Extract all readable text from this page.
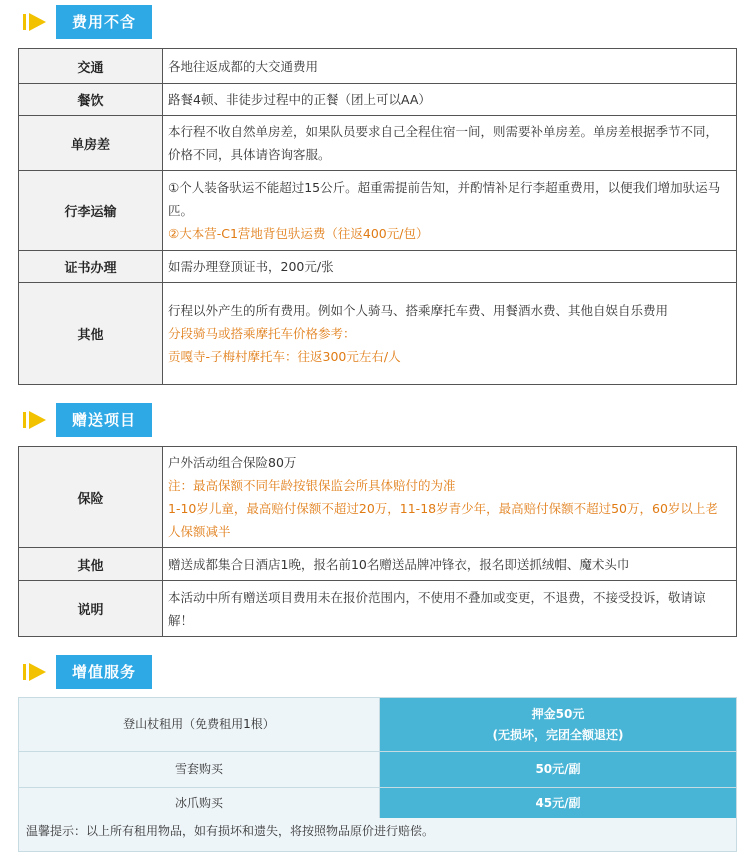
费用不含
交通	各地往返成都的大交通费用

餐饮	路餐4顿、非徒步过程中的正餐（团上可以AA）

单房差	本行程不收自然单房差，如果队员要求自己全程住宿一间，则需要补单房差。单房差根据季节不同，价格不同，具体请咨询客服。

行李运输	①个人装备驮运不能超过15公斤。超重需提前告知，并酌情补足行李超重费用，以便我们增加驮运马匹。
②大本营-C1营地背包驮运费（往返400元/包）

证书办理	如需办理登顶证书，200元/张

其他	行程以外产生的所有费用。例如个人骑马、搭乘摩托车费、用餐酒水费、其他自娱自乐费用
分段骑马或搭乘摩托车价格参考：
贡嘎寺-子梅村摩托车：往返300元左右/人
赠送项目
保险	户外活动组合保险80万
注：最高保额不同年龄按银保监会所具体赔付的为准
1-10岁儿童，最高赔付保额不超过20万，11-18岁青少年，最高赔付保额不超过50万，60岁以上老人保额减半

其他	赠送成都集合日酒店1晚，报名前10名赠送品牌冲锋衣，报名即送抓绒帽、魔术头巾

说明	本活动中所有赠送项目费用未在报价范围内，不使用不叠加或变更，不退费，不接受投诉，敬请谅解！
增值服务
登山杖租用（免费租用1根）	押金50元
(无损坏，完团全额退还)

雪套购买	50元/副
冰爪购买	45元/副
温馨提示：以上所有租用物品，如有损坏和遗失，将按照物品原价进行赔偿。
